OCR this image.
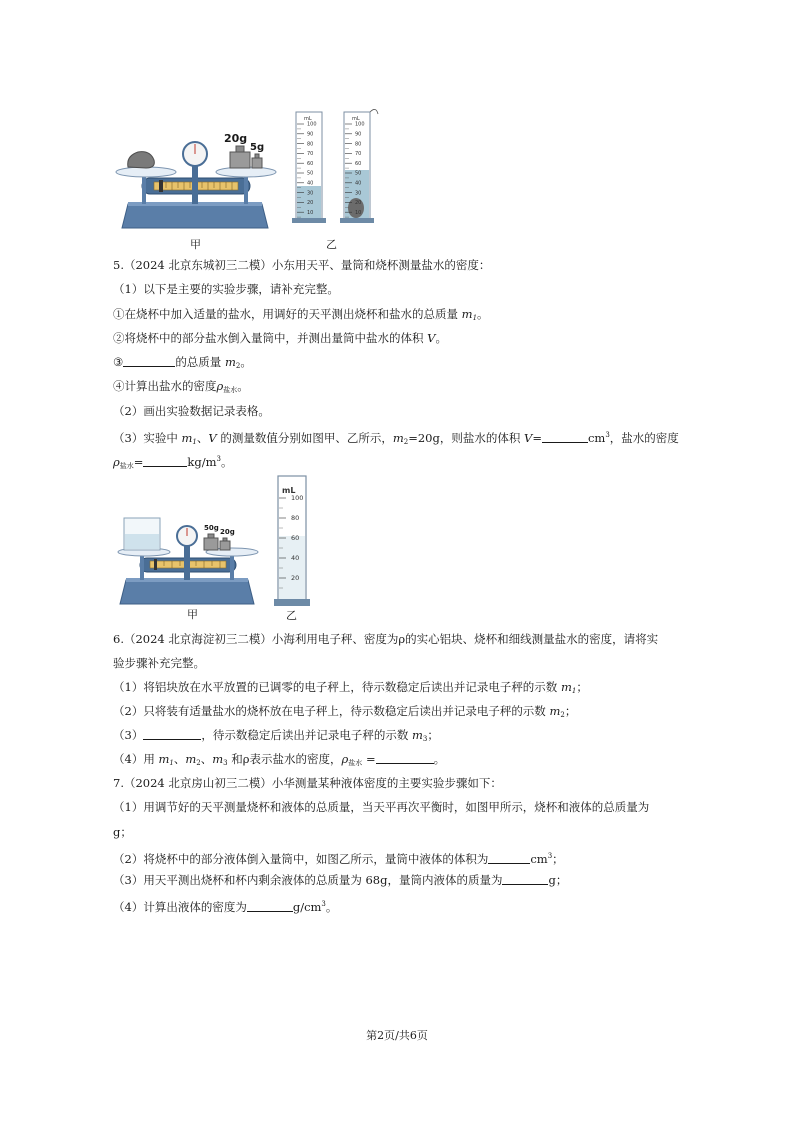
20g
5g
mL
100
90
80
70
60
50
40
30
20
10
mL
100
90
80
70
60
50
40
30
20
10
甲	乙
5.（2024 北京东城初三二模）小东用天平、量筒和烧杯测量盐水的密度：
（1）以下是主要的实验步骤，请补充完整。
①在烧杯中加入适量的盐水，用调好的天平测出烧杯和盐水的总质量 $m_1$。
②将烧杯中的部分盐水倒入量筒中，并测出量筒中盐水的体积 V。
③	的总质量 $m_2$。
④计算出盐水的密度$\rho_{盐水}$。
（2）画出实验数据记录表格。
（3）实验中 $m_1$、V 的测量数值分别如图甲、乙所示，$m_2=20g$，则盐水的体积 V=	$cm^3$，盐水的密度
$\rho_{盐水}=$	$kg/m^3$。
50g 20g
mL
100
80
60
40
20
甲	乙
6.（2024 北京海淀初三二模）小海利用电子秤、密度为ρ的实心铝块、烧杯和细线测量盐水的密度，请将实
验步骤补充完整。
（1）将铝块放在水平放置的已调零的电子秤上，待示数稳定后读出并记录电子秤的示数 $m_1$；
（2）只将装有适量盐水的烧杯放在电子秤上，待示数稳定后读出并记录电子秤的示数 $m_2$；
（3）	，待示数稳定后读出并记录电子秤的示数 $m_3$；
（4）用 $m_1$、$m_2$、$m_3$ 和ρ表示盐水的密度，$\rho_{盐水}$ =	。
7.（2024 北京房山初三二模）小华测量某种液体密度的主要实验步骤如下：
（1）用调节好的天平测量烧杯和液体的总质量，当天平再次平衡时，如图甲所示，烧杯和液体的总质量为
g；
（2）将烧杯中的部分液体倒入量筒中，如图乙所示，量筒中液体的体积为	$cm^3$；
（3）用天平测出烧杯和杯内剩余液体的总质量为 68g，量筒内液体的质量为	g；
（4）计算出液体的密度为	$g/cm^3$。
第2页/共6页
